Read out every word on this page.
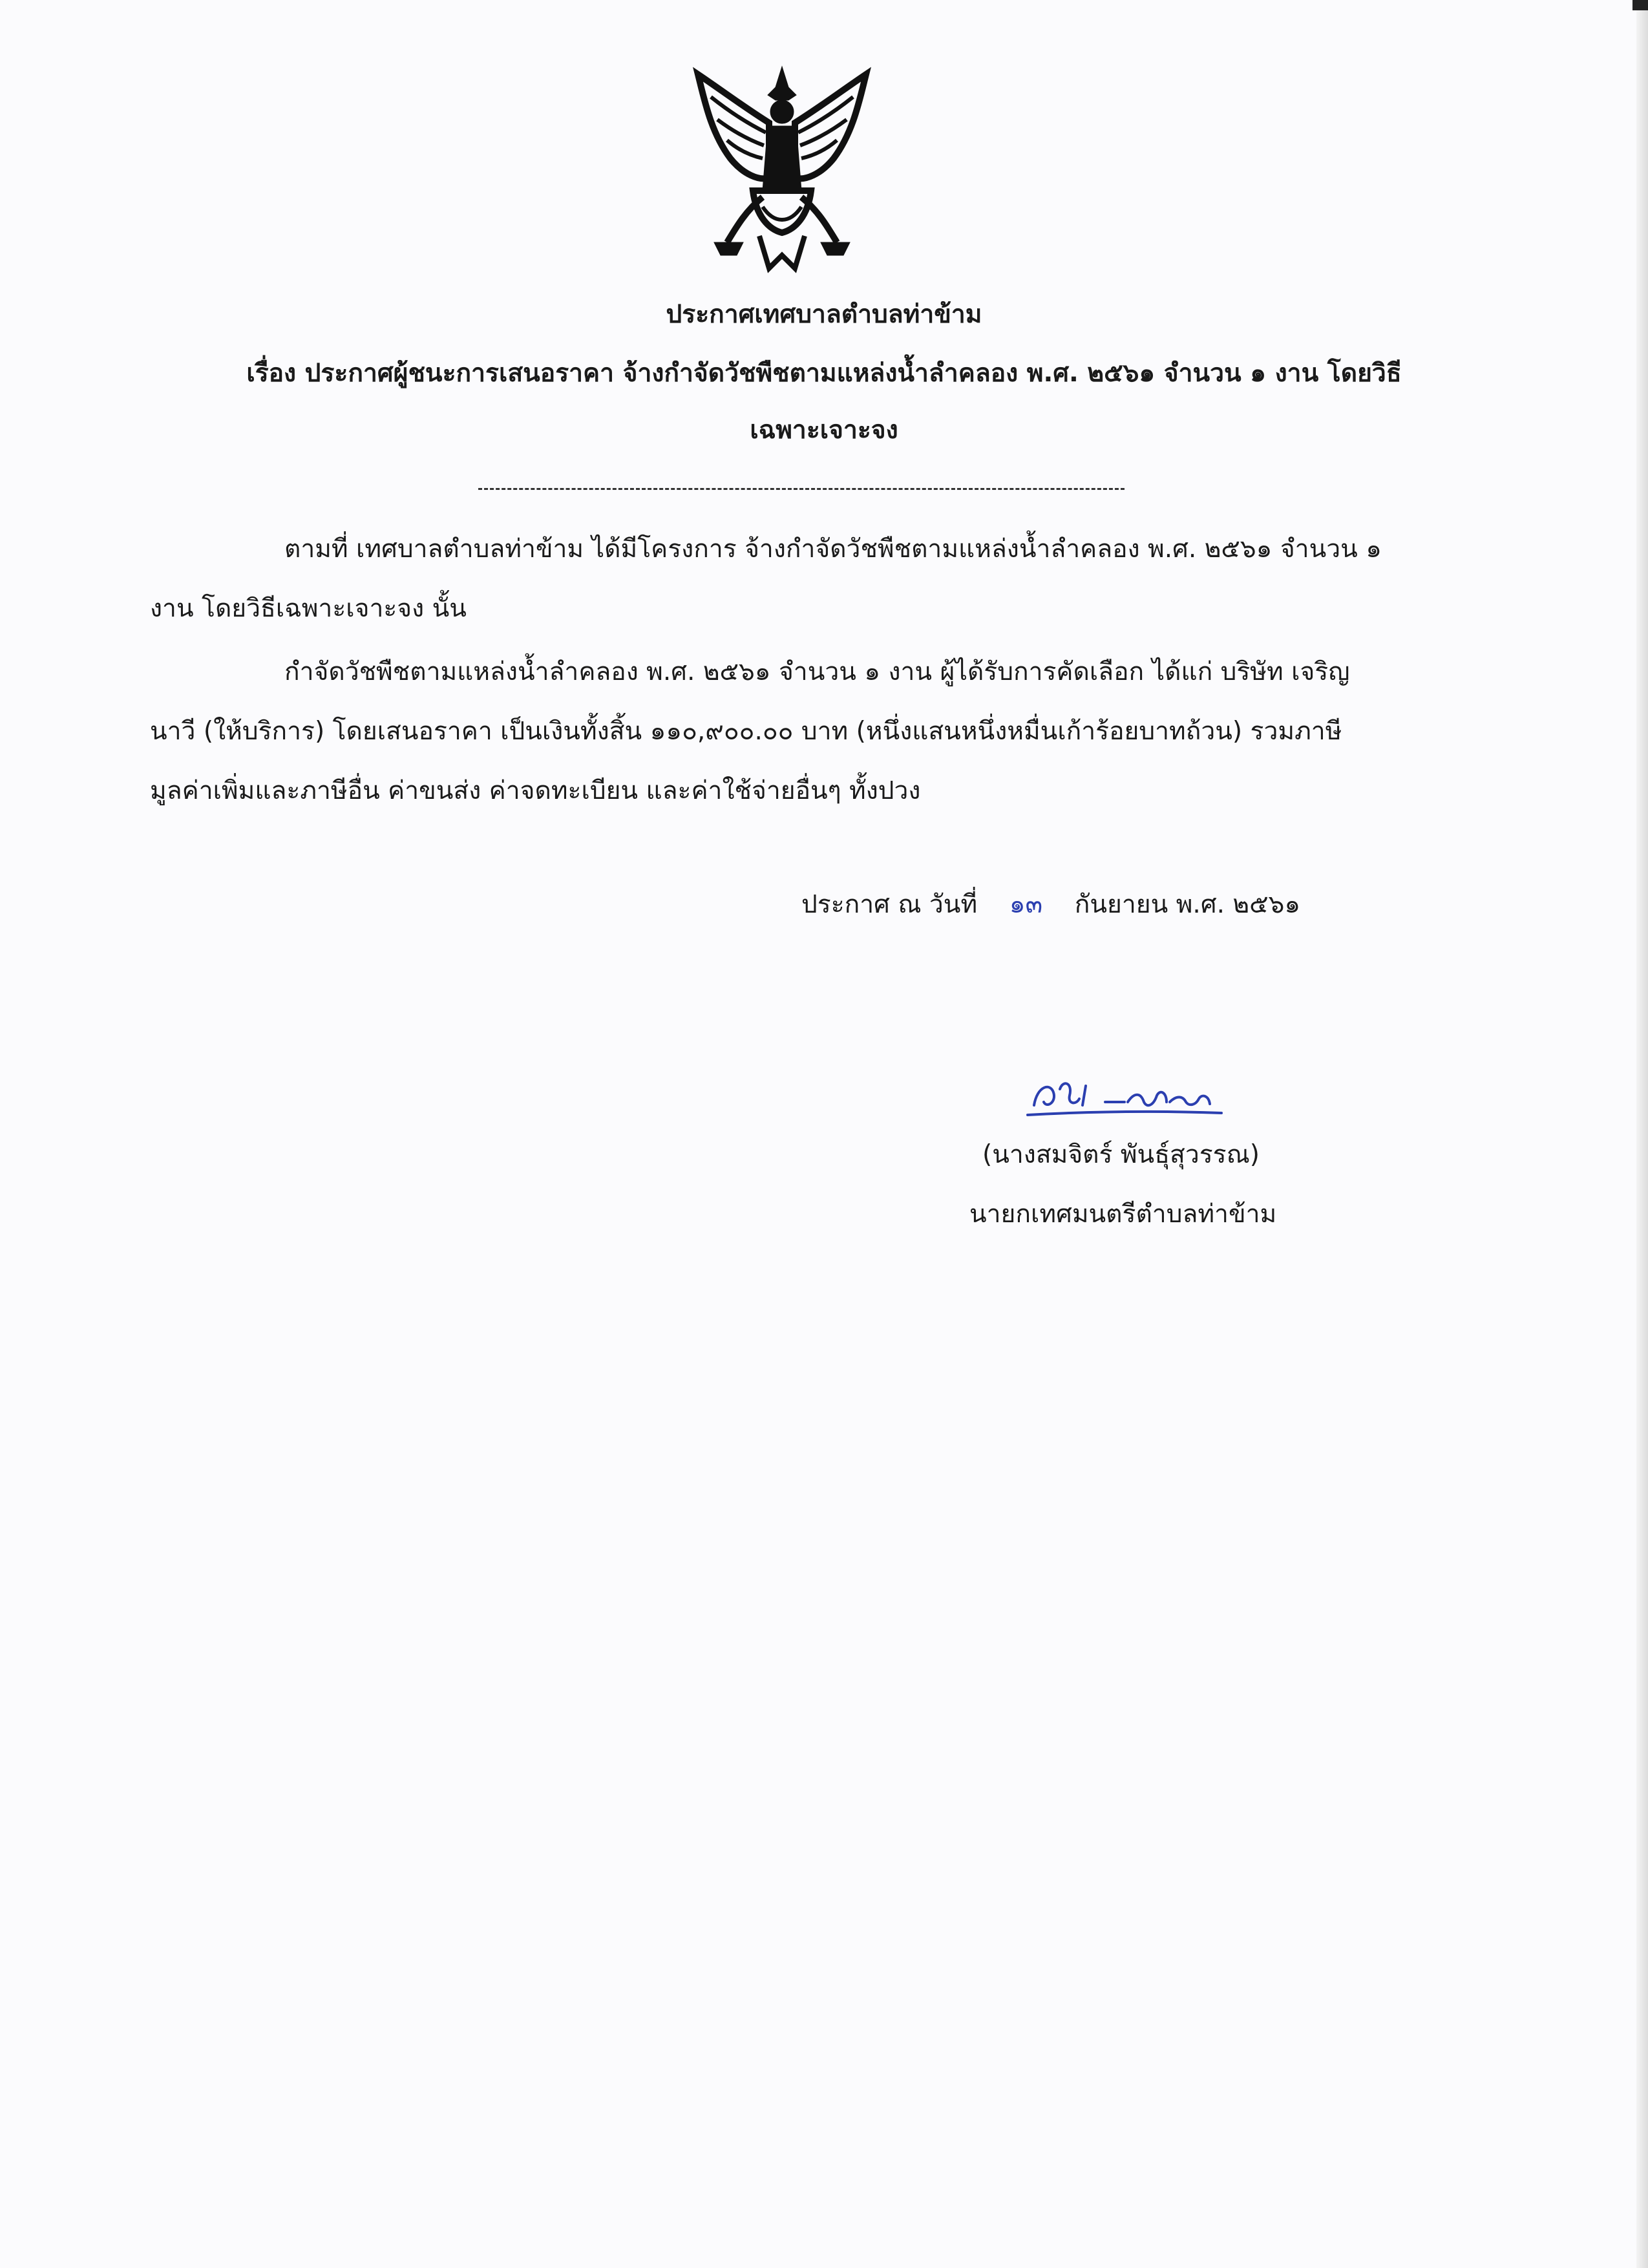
ประกาศเทศบาลตำบลท่าข้าม

เรื่อง ประกาศผู้ชนะการเสนอราคา จ้างกำจัดวัชพืชตามแหล่งน้ำลำคลอง พ.ศ. ๒๕๖๑ จำนวน ๑ งาน โดยวิธี

เฉพาะเจาะจง

ตามที่ เทศบาลตำบลท่าข้าม ได้มีโครงการ จ้างกำจัดวัชพืชตามแหล่งน้ำลำคลอง พ.ศ. ๒๕๖๑ จำนวน ๑

งาน โดยวิธีเฉพาะเจาะจง นั้น

กำจัดวัชพืชตามแหล่งน้ำลำคลอง พ.ศ. ๒๕๖๑ จำนวน ๑ งาน ผู้ได้รับการคัดเลือก ได้แก่ บริษัท เจริญ

นาวี (ให้บริการ) โดยเสนอราคา เป็นเงินทั้งสิ้น ๑๑๐,๙๐๐.๐๐ บาท (หนึ่งแสนหนึ่งหมื่นเก้าร้อยบาทถ้วน) รวมภาษี

มูลค่าเพิ่มและภาษีอื่น ค่าขนส่ง ค่าจดทะเบียน และค่าใช้จ่ายอื่นๆ ทั้งปวง

ประกาศ ณ วันที่ ๑๓ กันยายน พ.ศ. ๒๕๖๑

(นางสมจิตร์ พันธุ์สุวรรณ)

นายกเทศมนตรีตำบลท่าข้าม
